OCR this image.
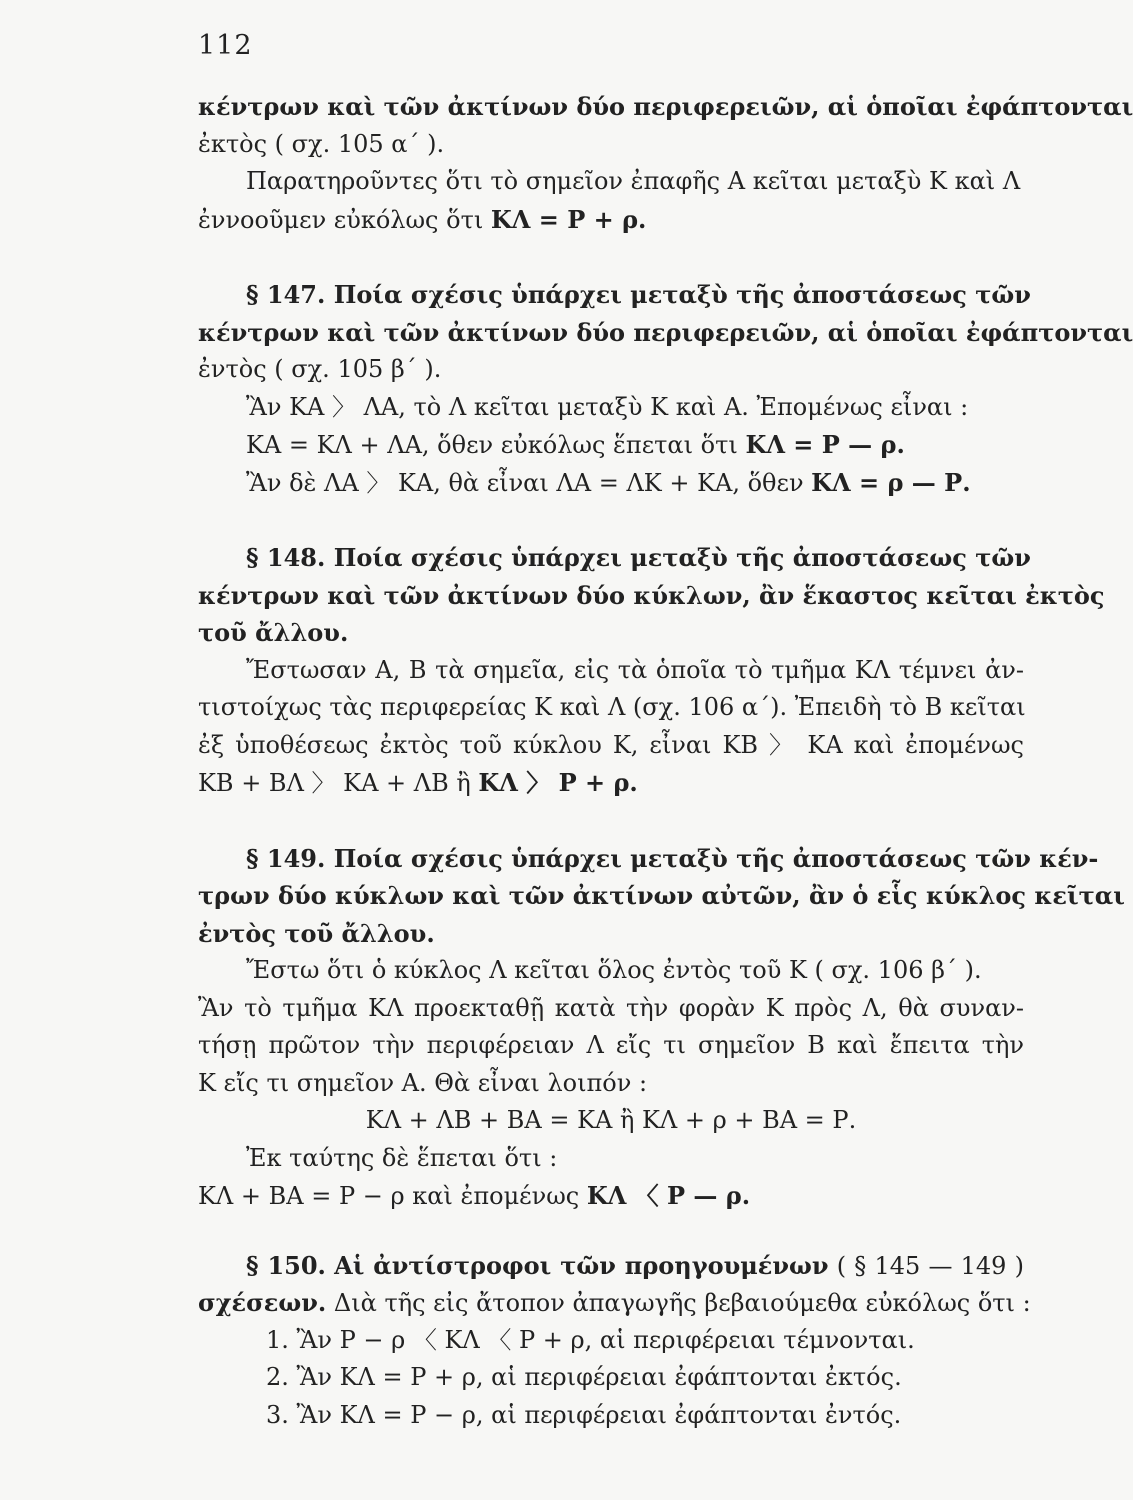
112
κέντρων καὶ τῶν ἀκτίνων δύο περιφερειῶν, αἱ ὁποῖαι ἐφάπτονται
ἐκτὸς ( σχ. 105 α΄ ).
Παρατηροῦντες ὅτι τὸ σημεῖον ἐπαφῆς Α κεῖται μεταξὺ Κ καὶ Λ
ἐννοοῦμεν εὐκόλως ὅτι ΚΛ = Ρ + ρ.
§ 147. Ποία σχέσις ὑπάρχει μεταξὺ τῆς ἀποστάσεως τῶν
κέντρων καὶ τῶν ἀκτίνων δύο περιφερειῶν, αἱ ὁποῖαι ἐφάπτονται
ἐντὸς ( σχ. 105 β΄ ).
Ἂν ΚΑ 〉 ΛΑ, τὸ Λ κεῖται μεταξὺ Κ καὶ Α. Ἐπομένως εἶναι :
ΚΑ = ΚΛ + ΛΑ, ὅθεν εὐκόλως ἕπεται ὅτι ΚΛ = Ρ — ρ.
Ἂν δὲ ΛΑ 〉 ΚΑ, θὰ εἶναι ΛΑ = ΛΚ + ΚΑ, ὅθεν ΚΛ = ρ — Ρ.
§ 148. Ποία σχέσις ὑπάρχει μεταξὺ τῆς ἀποστάσεως τῶν
κέντρων καὶ τῶν ἀκτίνων δύο κύκλων, ἂν ἕκαστος κεῖται ἐκτὸς
τοῦ ἄλλου.
Ἔστωσαν Α, Β τὰ σημεῖα, εἰς τὰ ὁποῖα τὸ τμῆμα ΚΛ τέμνει ἀν-
τιστοίχως τὰς περιφερείας Κ καὶ Λ (σχ. 106 α΄). Ἐπειδὴ τὸ Β κεῖται
ἐξ ὑποθέσεως ἐκτὸς τοῦ κύκλου Κ, εἶναι ΚΒ 〉 ΚΑ καὶ ἐπομένως
ΚΒ + ΒΛ 〉 ΚΑ + ΛΒ ἢ ΚΛ 〉 Ρ + ρ.
§ 149. Ποία σχέσις ὑπάρχει μεταξὺ τῆς ἀποστάσεως τῶν κέν-
τρων δύο κύκλων καὶ τῶν ἀκτίνων αὐτῶν, ἂν ὁ εἷς κύκλος κεῖται
ἐντὸς τοῦ ἄλλου.
Ἔστω ὅτι ὁ κύκλος Λ κεῖται ὅλος ἐντὸς τοῦ Κ ( σχ. 106 β΄ ).
Ἂν τὸ τμῆμα ΚΛ προεκταθῇ κατὰ τὴν φορὰν Κ πρὸς Λ, θὰ συναν-
τήσῃ πρῶτον τὴν περιφέρειαν Λ εἴς τι σημεῖον Β καὶ ἔπειτα τὴν
Κ εἴς τι σημεῖον Α. Θὰ εἶναι λοιπόν :
ΚΛ + ΛΒ + ΒΑ = ΚΑ ἢ ΚΛ + ρ + ΒΑ = Ρ.
Ἐκ ταύτης δὲ ἕπεται ὅτι :
ΚΛ + ΒΑ = Ρ − ρ καὶ ἐπομένως ΚΛ 〈 Ρ — ρ.
§ 150. Αἱ ἀντίστροφοι τῶν προηγουμένων ( § 145 — 149 )
σχέσεων. Διὰ τῆς εἰς ἄτοπον ἀπαγωγῆς βεβαιούμεθα εὐκόλως ὅτι :
1. Ἂν Ρ − ρ 〈 ΚΛ 〈 Ρ + ρ, αἱ περιφέρειαι τέμνονται.
2. Ἂν ΚΛ = Ρ + ρ, αἱ περιφέρειαι ἐφάπτονται ἐκτός.
3. Ἂν ΚΛ = Ρ − ρ, αἱ περιφέρειαι ἐφάπτονται ἐντός.
